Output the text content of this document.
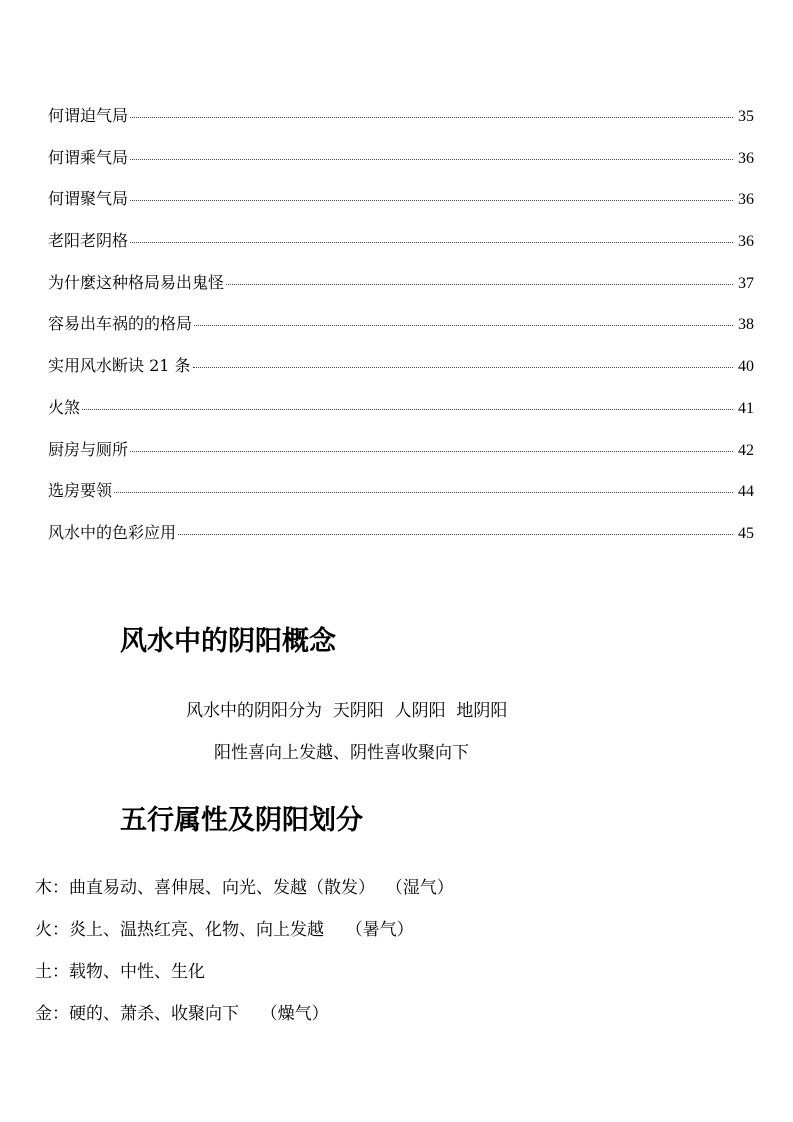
何谓迫气局	35
何谓乘气局	36
何谓聚气局	36
老阳老阴格	36
为什麼这种格局易出鬼怪	37
容易出车祸的的格局	38
实用风水断诀 21 条	40
火煞	41
厨房与厕所	42
选房要领	44
风水中的色彩应用	45
风水中的阴阳概念

风水中的阴阳分为  天阴阳  人阴阳  地阴阳

阳性喜向上发越、阴性喜收聚向下

五行属性及阴阳划分

木：曲直易动、喜伸展、向光、发越（散发）  （湿气）

火：炎上、温热红亮、化物、向上发越    （暑气）

土：载物、中性、生化

金：硬的、萧杀、收聚向下    （燥气）
